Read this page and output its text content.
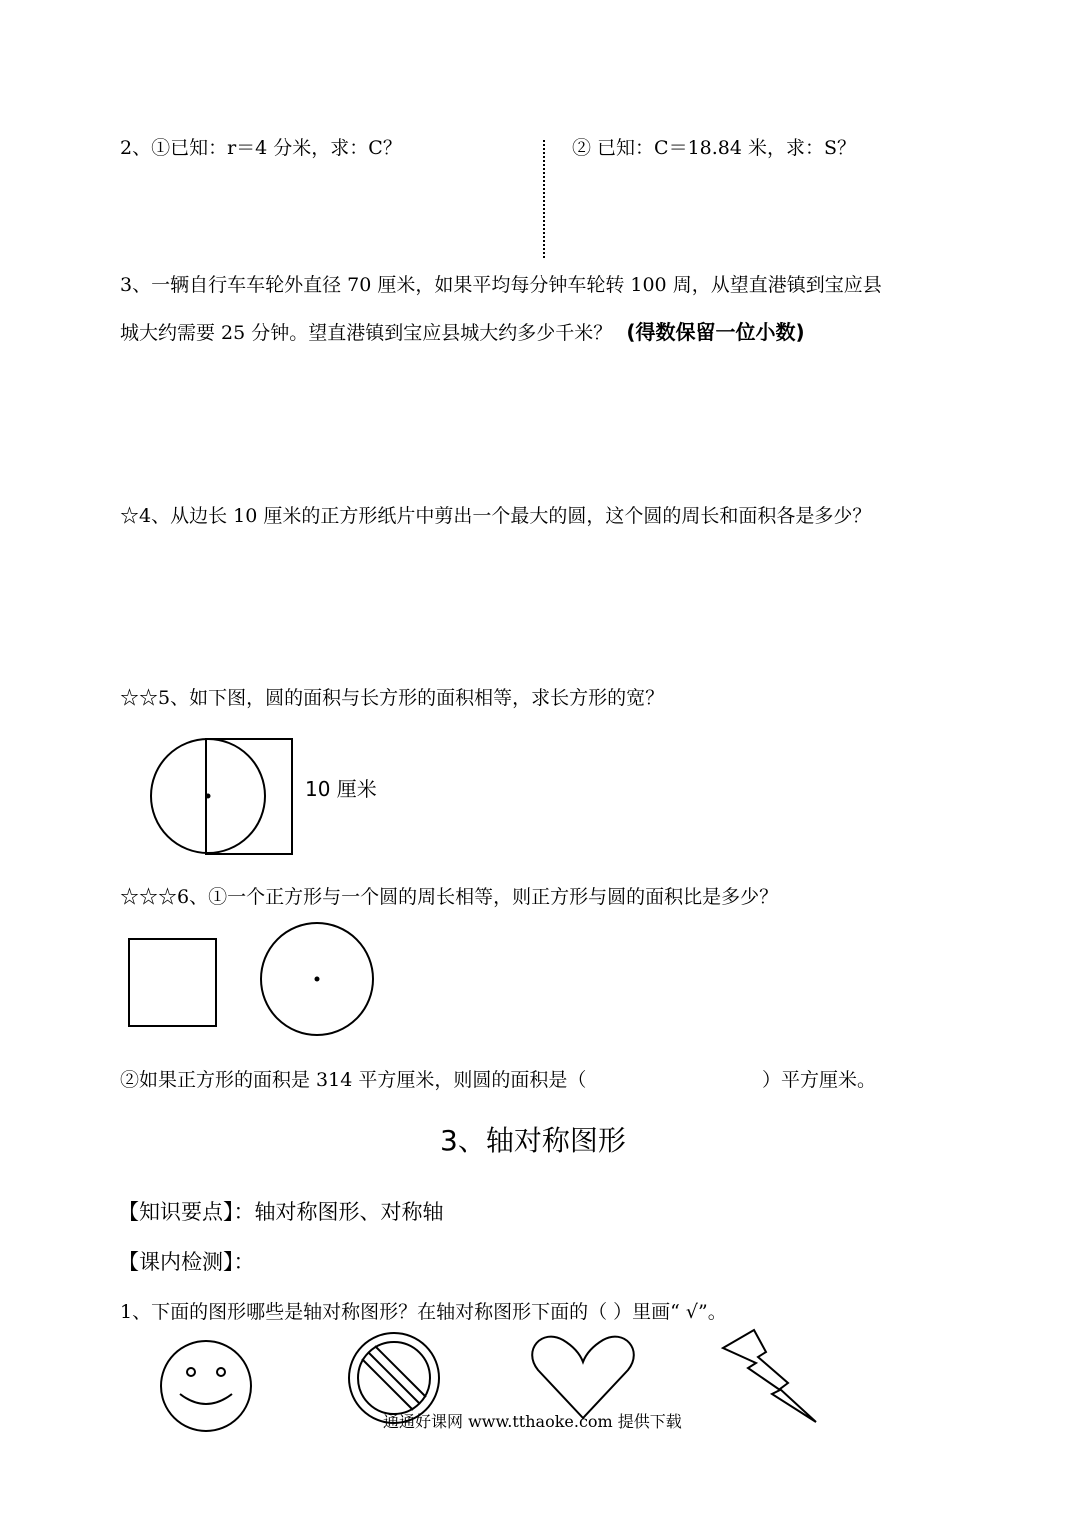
2、①已知：r＝4 分米，求：C？	② 已知：C＝18.84 米，求：S？
3、一辆自行车车轮外直径 70 厘米，如果平均每分钟车轮转 100 周，从望直港镇到宝应县
城大约需要 25 分钟。望直港镇到宝应县城大约多少千米？ (得数保留一位小数)
☆4、从边长 10 厘米的正方形纸片中剪出一个最大的圆，这个圆的周长和面积各是多少？
☆☆5、如下图，圆的面积与长方形的面积相等，求长方形的宽？
10 厘米
☆☆☆6、①一个正方形与一个圆的周长相等，则正方形与圆的面积比是多少？
②如果正方形的面积是 314 平方厘米，则圆的面积是（	）平方厘米。
3、轴对称图形
【知识要点】：轴对称图形、对称轴
【课内检测】：
1、下面的图形哪些是轴对称图形？在轴对称图形下面的（ ）里画“ √”。
通通好课网 www.tthaoke.com 提供下载
